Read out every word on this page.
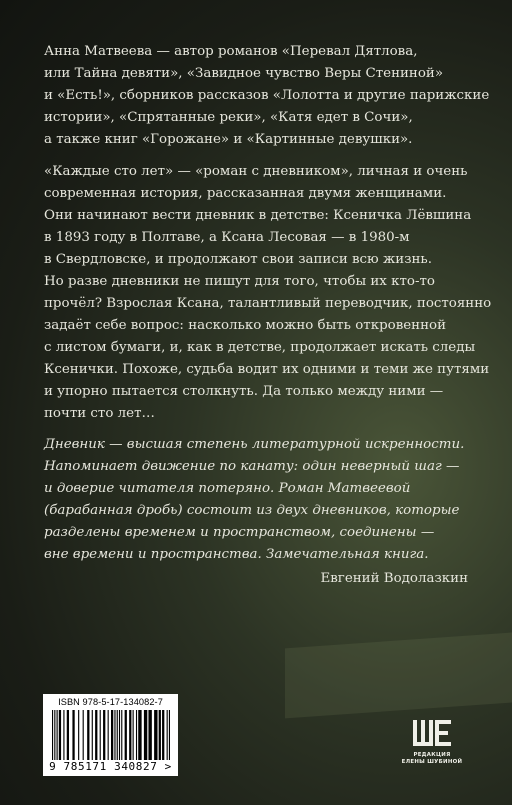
Анна Матвеева — автор романов «Перевал Дятлова,
или Тайна девяти», «Завидное чувство Веры Стениной»
и «Есть!», сборников рассказов «Лолотта и другие парижские
истории», «Спрятанные реки», «Катя едет в Сочи»,
а также книг «Горожане» и «Картинные девушки».
«Каждые сто лет» — «роман с дневником», личная и очень
современная история, рассказанная двумя женщинами.
Они начинают вести дневник в детстве: Ксеничка Лёвшина
в 1893 году в Полтаве, а Ксана Лесовая — в 1980-м
в Свердловске, и продолжают свои записи всю жизнь.
Но разве дневники не пишут для того, чтобы их кто-то
прочёл? Взрослая Ксана, талантливый переводчик, постоянно
задаёт себе вопрос: насколько можно быть откровенной
с листом бумаги, и, как в детстве, продолжает искать следы
Ксенички. Похоже, судьба водит их одними и теми же путями
и упорно пытается столкнуть. Да только между ними —
почти сто лет…
Дневник — высшая степень литературной искренности.
Напоминает движение по канату: один неверный шаг —
и доверие читателя потеряно. Роман Матвеевой
(барабанная дробь) состоит из двух дневников, которые
разделены временем и пространством, соединены —
вне времени и пространства. Замечательная книга.
Евгений Водолазкин
ISBN 978-5-17-134082-7
9 785171 340827 >
РЕДАКЦИЯ
ЕЛЕНЫ ШУБИНОЙ
